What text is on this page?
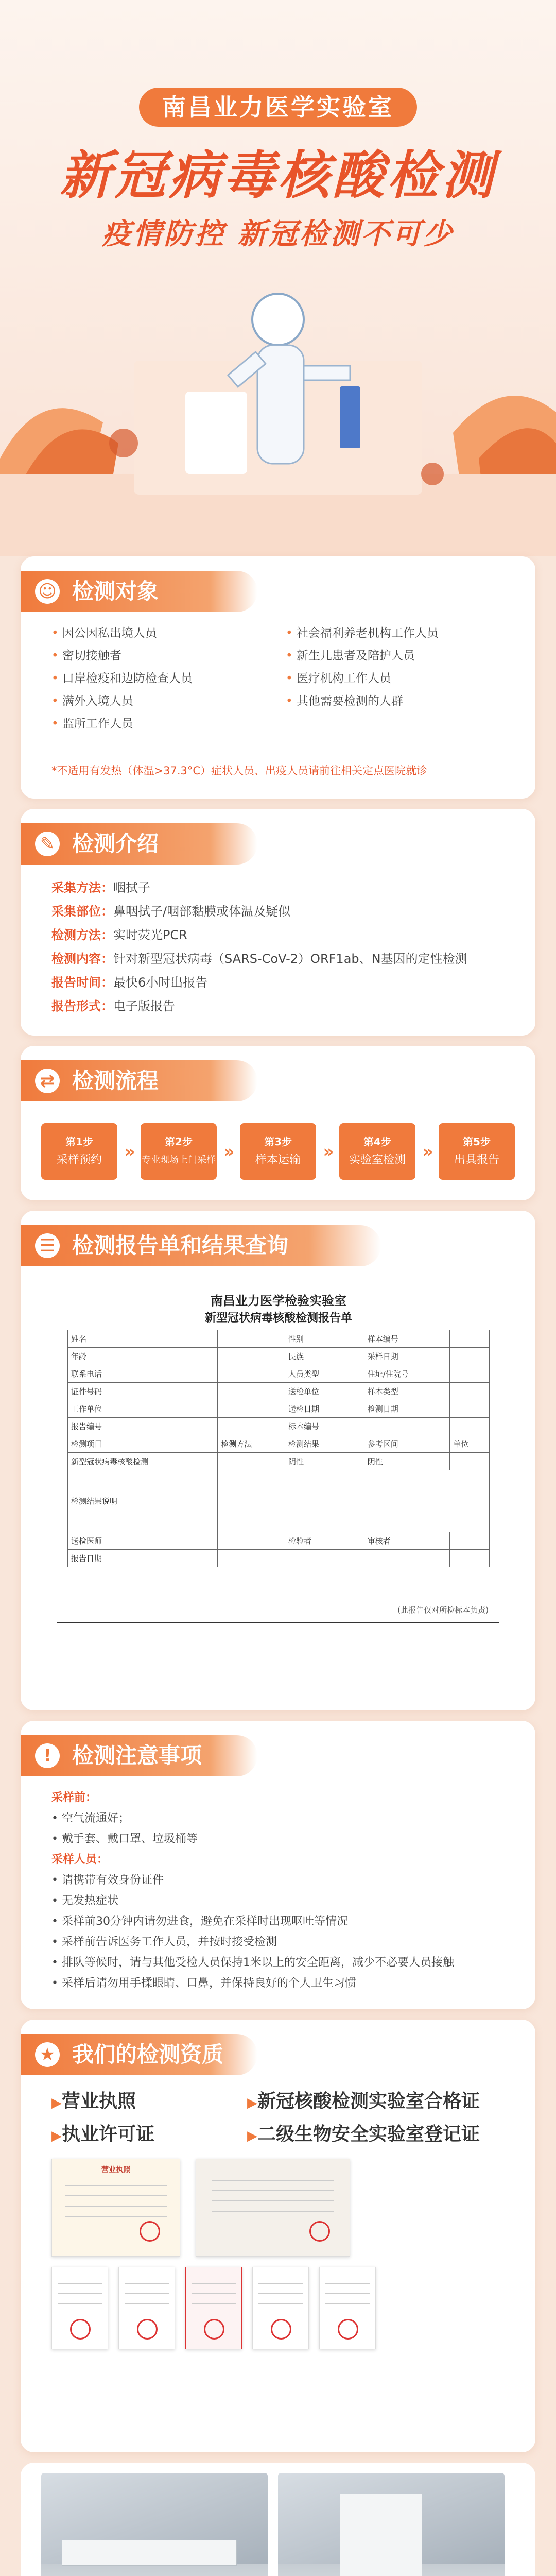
南昌业力医学实验室
新冠病毒核酸检测
疫情防控 新冠检测不可少
☺ 检测对象
• 因公因私出境人员	• 社会福利养老机构工作人员
• 密切接触者	• 新生儿患者及陪护人员
• 口岸检疫和边防检查人员	• 医疗机构工作人员
• 满外入境人员	• 其他需要检测的人群
• 监所工作人员
*不适用有发热（体温>37.3°C）症状人员、出疫人员请前往相关定点医院就诊
✎ 检测介绍
采集方法：咽拭子
采集部位：鼻咽拭子/咽部黏膜或体温及疑似
检测方法：实时荧光PCR
检测内容：针对新型冠状病毒（SARS-CoV-2）ORF1ab、N基因的定性检测
报告时间：最快6小时出报告
报告形式：电子版报告
⇄ 检测流程
第1步
采样预约	»	第2步
专业现场上门采样 »	第3步
样本运输	»	第4步
实验室检测	»	第5步
出具报告
☰ 检测报告单和结果查询
南昌业力医学检验实验室
新型冠状病毒核酸检测报告单
姓名		性别		样本编号	
年龄		民族		采样日期	
联系电话		人员类型		住址/住院号	
证件号码		送检单位		样本类型	
工作单位		送检日期		检测日期	
报告编号		标本编号			
检测项目	检测方法	检测结果		参考区间	单位
新型冠状病毒核酸检测		阴性		阴性	
检测结果说明					
送检医师		检验者		审核者	
报告日期					
(此报告仅对所检标本负责)
! 检测注意事项
采样前：
• 空气流通好；
• 戴手套、戴口罩、垃圾桶等
采样人员：
• 请携带有效身份证件
• 无发热症状
• 采样前30分钟内请勿进食，避免在采样时出现呕吐等情况
• 采样前告诉医务工作人员，并按时接受检测
• 排队等候时，请与其他受检人员保持1米以上的安全距离，减少不必要人员接触
• 采样后请勿用手揉眼睛、口鼻，并保持良好的个人卫生习惯
★ 我们的检测资质
▶ 营业执照	▶ 新冠核酸检测实验室合格证
▶ 执业许可证	▶ 二级生物安全实验室登记证
营业执照
